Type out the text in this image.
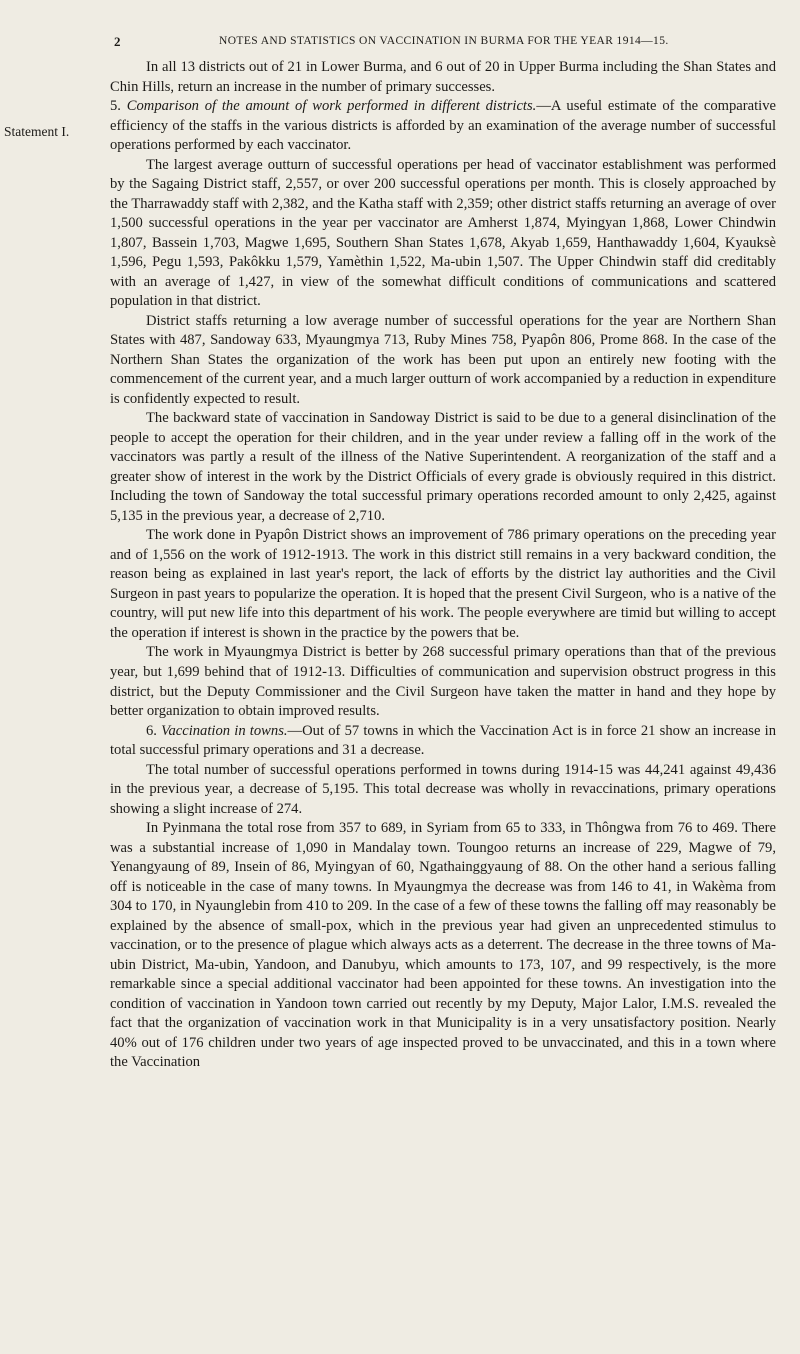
2	NOTES AND STATISTICS ON VACCINATION IN BURMA FOR THE YEAR 1914—15.
Statement I.

In all 13 districts out of 21 in Lower Burma, and 6 out of 20 in Upper Burma including the Shan States and Chin Hills, return an increase in the number of primary successes.

5. Comparison of the amount of work performed in different districts.—A useful estimate of the comparative efficiency of the staffs in the various districts is afforded by an examination of the average number of successful operations performed by each vaccinator.

The largest average outturn of successful operations per head of vaccinator establishment was performed by the Sagaing District staff, 2,557, or over 200 successful operations per month. This is closely approached by the Tharrawaddy staff with 2,382, and the Katha staff with 2,359; other district staffs returning an average of over 1,500 successful operations in the year per vaccinator are Amherst 1,874, Myingyan 1,868, Lower Chindwin 1,807, Bassein 1,703, Magwe 1,695, Southern Shan States 1,678, Akyab 1,659, Hanthawaddy 1,604, Kyauksè 1,596, Pegu 1,593, Pakôkku 1,579, Yamèthin 1,522, Ma-ubin 1,507. The Upper Chindwin staff did creditably with an average of 1,427, in view of the somewhat difficult conditions of communications and scattered population in that district.

District staffs returning a low average number of successful operations for the year are Northern Shan States with 487, Sandoway 633, Myaungmya 713, Ruby Mines 758, Pyapôn 806, Prome 868. In the case of the Northern Shan States the organization of the work has been put upon an entirely new footing with the commencement of the current year, and a much larger outturn of work accompanied by a reduction in expenditure is confidently expected to result.

The backward state of vaccination in Sandoway District is said to be due to a general disinclination of the people to accept the operation for their children, and in the year under review a falling off in the work of the vaccinators was partly a result of the illness of the Native Superintendent. A reorganization of the staff and a greater show of interest in the work by the District Officials of every grade is obviously required in this district. Including the town of Sandoway the total successful primary operations recorded amount to only 2,425, against 5,135 in the previous year, a decrease of 2,710.

The work done in Pyapôn District shows an improvement of 786 primary operations on the preceding year and of 1,556 on the work of 1912-1913. The work in this district still remains in a very backward condition, the reason being as explained in last year's report, the lack of efforts by the district lay authorities and the Civil Surgeon in past years to popularize the operation. It is hoped that the present Civil Surgeon, who is a native of the country, will put new life into this department of his work. The people everywhere are timid but willing to accept the operation if interest is shown in the practice by the powers that be.

The work in Myaungmya District is better by 268 successful primary operations than that of the previous year, but 1,699 behind that of 1912-13. Difficulties of communication and supervision obstruct progress in this district, but the Deputy Commissioner and the Civil Surgeon have taken the matter in hand and they hope by better organization to obtain improved results.

6. Vaccination in towns.—Out of 57 towns in which the Vaccination Act is in force 21 show an increase in total successful primary operations and 31 a decrease.

The total number of successful operations performed in towns during 1914-15 was 44,241 against 49,436 in the previous year, a decrease of 5,195. This total decrease was wholly in revaccinations, primary operations showing a slight increase of 274.

In Pyinmana the total rose from 357 to 689, in Syriam from 65 to 333, in Thôngwa from 76 to 469. There was a substantial increase of 1,090 in Mandalay town. Toungoo returns an increase of 229, Magwe of 79, Yenangyaung of 89, Insein of 86, Myingyan of 60, Ngathainggyaung of 88. On the other hand a serious falling off is noticeable in the case of many towns. In Myaungmya the decrease was from 146 to 41, in Wakèma from 304 to 170, in Nyaunglebin from 410 to 209. In the case of a few of these towns the falling off may reasonably be explained by the absence of small-pox, which in the previous year had given an unprecedented stimulus to vaccination, or to the presence of plague which always acts as a deterrent. The decrease in the three towns of Ma-ubin District, Ma-ubin, Yandoon, and Danubyu, which amounts to 173, 107, and 99 respectively, is the more remarkable since a special additional vaccinator had been appointed for these towns. An investigation into the condition of vaccination in Yandoon town carried out recently by my Deputy, Major Lalor, I.M.S. revealed the fact that the organization of vaccination work in that Municipality is in a very unsatisfactory position. Nearly 40% out of 176 children under two years of age inspected proved to be unvaccinated, and this in a town where the Vaccination
